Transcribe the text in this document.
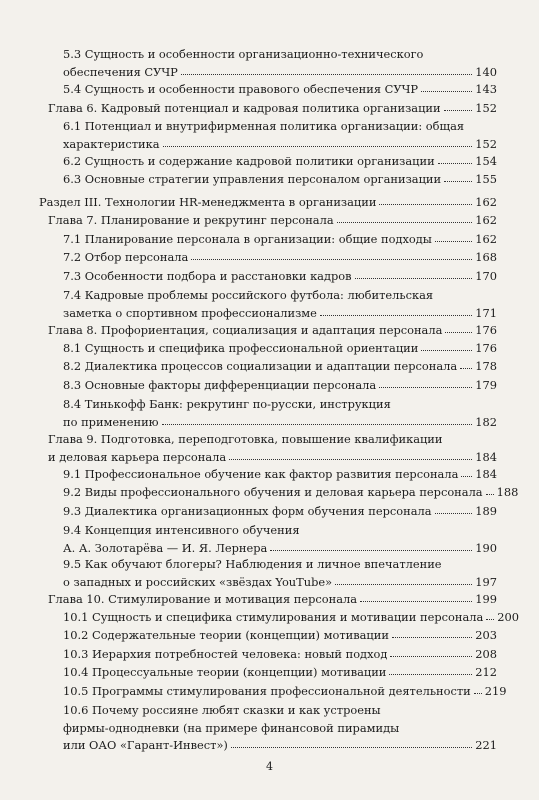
5.3 Сущность и особенности организационно-технического
обеспечения СУЧР	140
5.4 Сущность и особенности правового обеспечения СУЧР	143
Глава 6. Кадровый потенциал и кадровая политика организации	152
6.1 Потенциал и внутрифирменная политика организации: общая
характеристика	152
6.2 Сущность и содержание кадровой политики организации	154
6.3 Основные стратегии управления персоналом организации	155
Раздел III. Технологии HR-менеджмента в организации	162
Глава 7. Планирование и рекрутинг персонала	162
7.1 Планирование персонала в организации: общие подходы	162
7.2 Отбор персонала	168
7.3 Особенности подбора и расстановки кадров	170
7.4 Кадровые проблемы российского футбола: любительская
заметка о спортивном профессионализме	171
Глава 8. Профориентация, социализация и адаптация персонала	176
8.1 Сущность и специфика профессиональной ориентации	176
8.2 Диалектика процессов социализации и адаптации персонала 178
8.3 Основные факторы дифференциации персонала	179
8.4 Тинькофф Банк: рекрутинг по-русски, инструкция
по применению	182
Глава 9. Подготовка, переподготовка, повышение квалификации
и деловая карьера персонала	184
9.1 Профессиональное обучение как фактор развития персонала 184
9.2 Виды профессионального обучения и деловая карьера персонала 188
9.3 Диалектика организационных форм обучения персонала	189
9.4 Концепция интенсивного обучения
А. А. Золотарёва — И. Я. Лернера	190
9.5 Как обучают блогеры? Наблюдения и личное впечатление
о западных и российских «звёздах YouTube»	197
Глава 10. Стимулирование и мотивация персонала	199
10.1 Сущность и специфика стимулирования и мотивации персонала 200
10.2 Содержательные теории (концепции) мотивации	203
10.3 Иерархия потребностей человека: новый подход	208
10.4 Процессуальные теории (концепции) мотивации	212
10.5 Программы стимулирования профессиональной деятельности 219
10.6 Почему россияне любят сказки и как устроены
фирмы-однодневки (на примере финансовой пирамиды
или ОАО «Гарант-Инвест»)	221
4
